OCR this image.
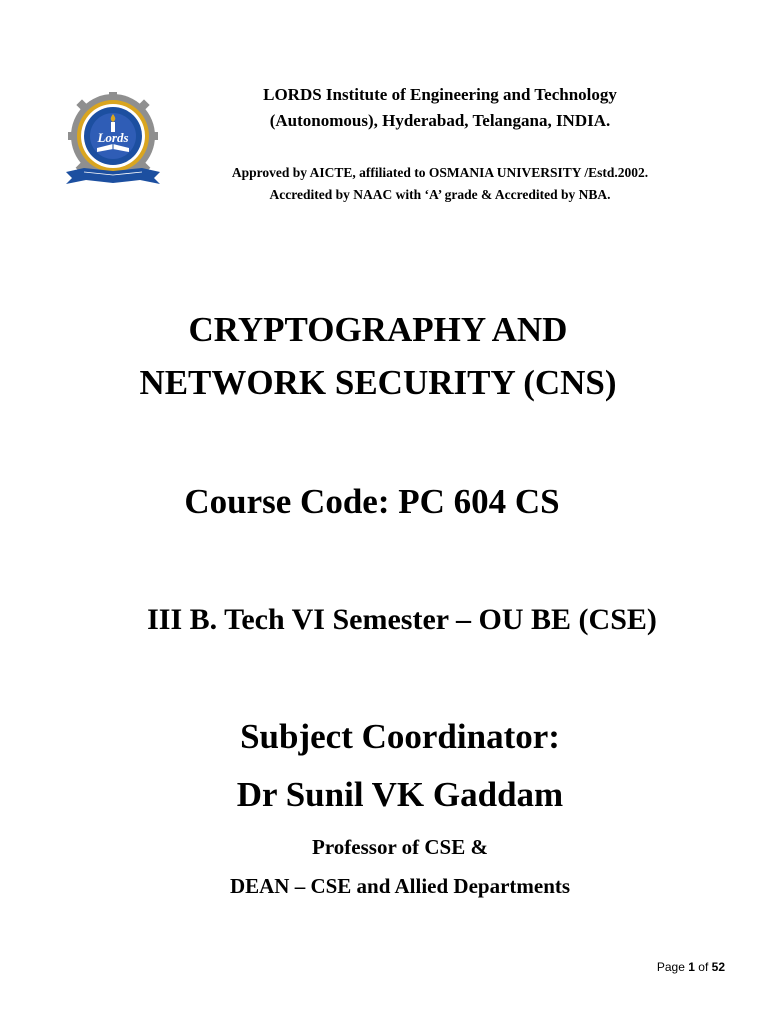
Lords
LORDS Institute of Engineering and Technology
(Autonomous), Hyderabad, Telangana, INDIA.
Approved by AICTE, affiliated to OSMANIA UNIVERSITY /Estd.2002.
Accredited by NAAC with ‘A’ grade & Accredited by NBA.
CRYPTOGRAPHY AND
NETWORK SECURITY (CNS)
Course Code: PC 604 CS
III B. Tech VI Semester – OU BE (CSE)
Subject Coordinator:
Dr Sunil VK Gaddam
Professor of CSE &
DEAN – CSE and Allied Departments
Page 1 of 52
